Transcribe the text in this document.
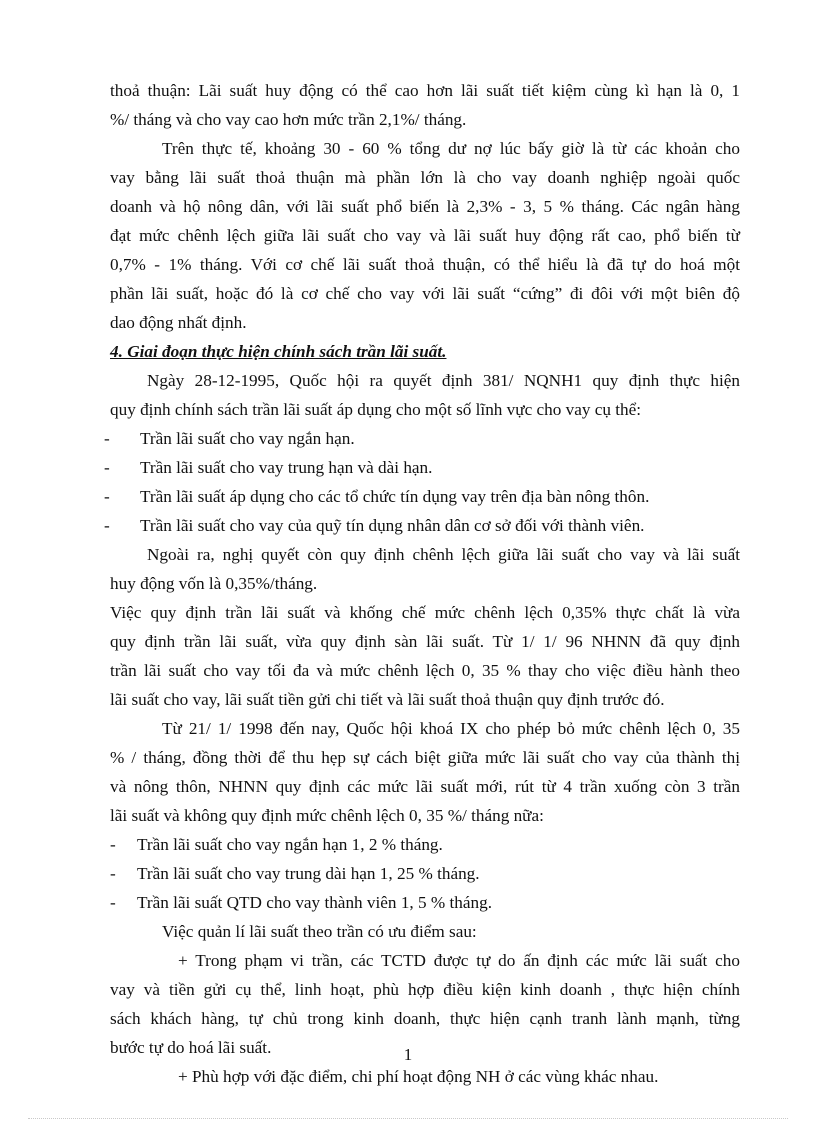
thoả thuận: Lãi suất huy động có thể cao hơn lãi suất tiết kiệm cùng kì hạn là 0, 1

%/ tháng và cho vay cao hơn mức trần 2,1%/ tháng.

Trên thực tế, khoảng 30 - 60 % tổng dư nợ lúc bấy giờ là từ các khoản cho

vay bằng lãi suất thoả thuận mà phần lớn là cho vay doanh nghiệp ngoài quốc

doanh và hộ nông dân, với lãi suất phổ biến là 2,3% - 3, 5 % tháng. Các ngân hàng

đạt mức chênh lệch giữa lãi suất cho vay và lãi suất huy động rất cao, phổ biến từ

0,7% - 1% tháng. Với cơ chế lãi suất thoả thuận, có thể hiểu là đã tự do hoá một

phần lãi suất, hoặc đó là cơ chế cho vay với lãi suất “cứng” đi đôi với một biên độ

dao động nhất định.

4. Giai đoạn thực hiện chính sách trần lãi suất.

Ngày 28-12-1995, Quốc hội ra quyết định 381/ NQNH1 quy định thực hiện

quy định chính sách trần lãi suất áp dụng cho một số lĩnh vực cho vay cụ thể:

-	Trần lãi suất cho vay ngắn hạn.
-	Trần lãi suất cho vay trung hạn và dài hạn.
-	Trần lãi suất áp dụng cho các tổ chức tín dụng vay trên địa bàn nông thôn.
-	Trần lãi suất cho vay của quỹ tín dụng nhân dân cơ sở đối với thành viên.

Ngoài ra, nghị quyết còn quy định chênh lệch giữa lãi suất cho vay và lãi suất

huy động vốn là 0,35%/tháng.

Việc quy định trần lãi suất và khống chế mức chênh lệch 0,35% thực chất là vừa

quy định trần lãi suất, vừa quy định sàn lãi suất. Từ 1/ 1/ 96 NHNN đã quy định

trần lãi suất cho vay tối đa và mức chênh lệch 0, 35 % thay cho việc điều hành theo

lãi suất cho vay, lãi suất tiền gửi chi tiết và lãi suất thoả thuận quy định trước đó.

Từ 21/ 1/ 1998 đến nay, Quốc hội khoá IX cho phép bỏ mức chênh lệch 0, 35

% / tháng, đồng thời để thu hẹp sự cách biệt giữa mức lãi suất cho vay của thành thị

và nông thôn, NHNN quy định các mức lãi suất mới, rút từ 4 trần xuống còn 3 trần

lãi suất và không quy định mức chênh lệch 0, 35 %/ tháng nữa:

-	Trần lãi suất cho vay ngắn hạn 1, 2 % tháng.
-	Trần lãi suất cho vay trung dài hạn 1, 25 % tháng.
-	Trần lãi suất QTD cho vay thành viên 1, 5 % tháng.

Việc quản lí lãi suất theo trần có ưu điểm sau:

+ Trong phạm vi trần, các TCTD được tự do ấn định các mức lãi suất cho

vay và tiền gửi cụ thể, linh hoạt, phù hợp điều kiện kinh doanh , thực hiện chính

sách khách hàng, tự chủ trong kinh doanh, thực hiện cạnh tranh lành mạnh, từng

bước tự do hoá lãi suất.

+ Phù hợp với đặc điểm, chi phí hoạt động NH ở các vùng khác nhau.

1
